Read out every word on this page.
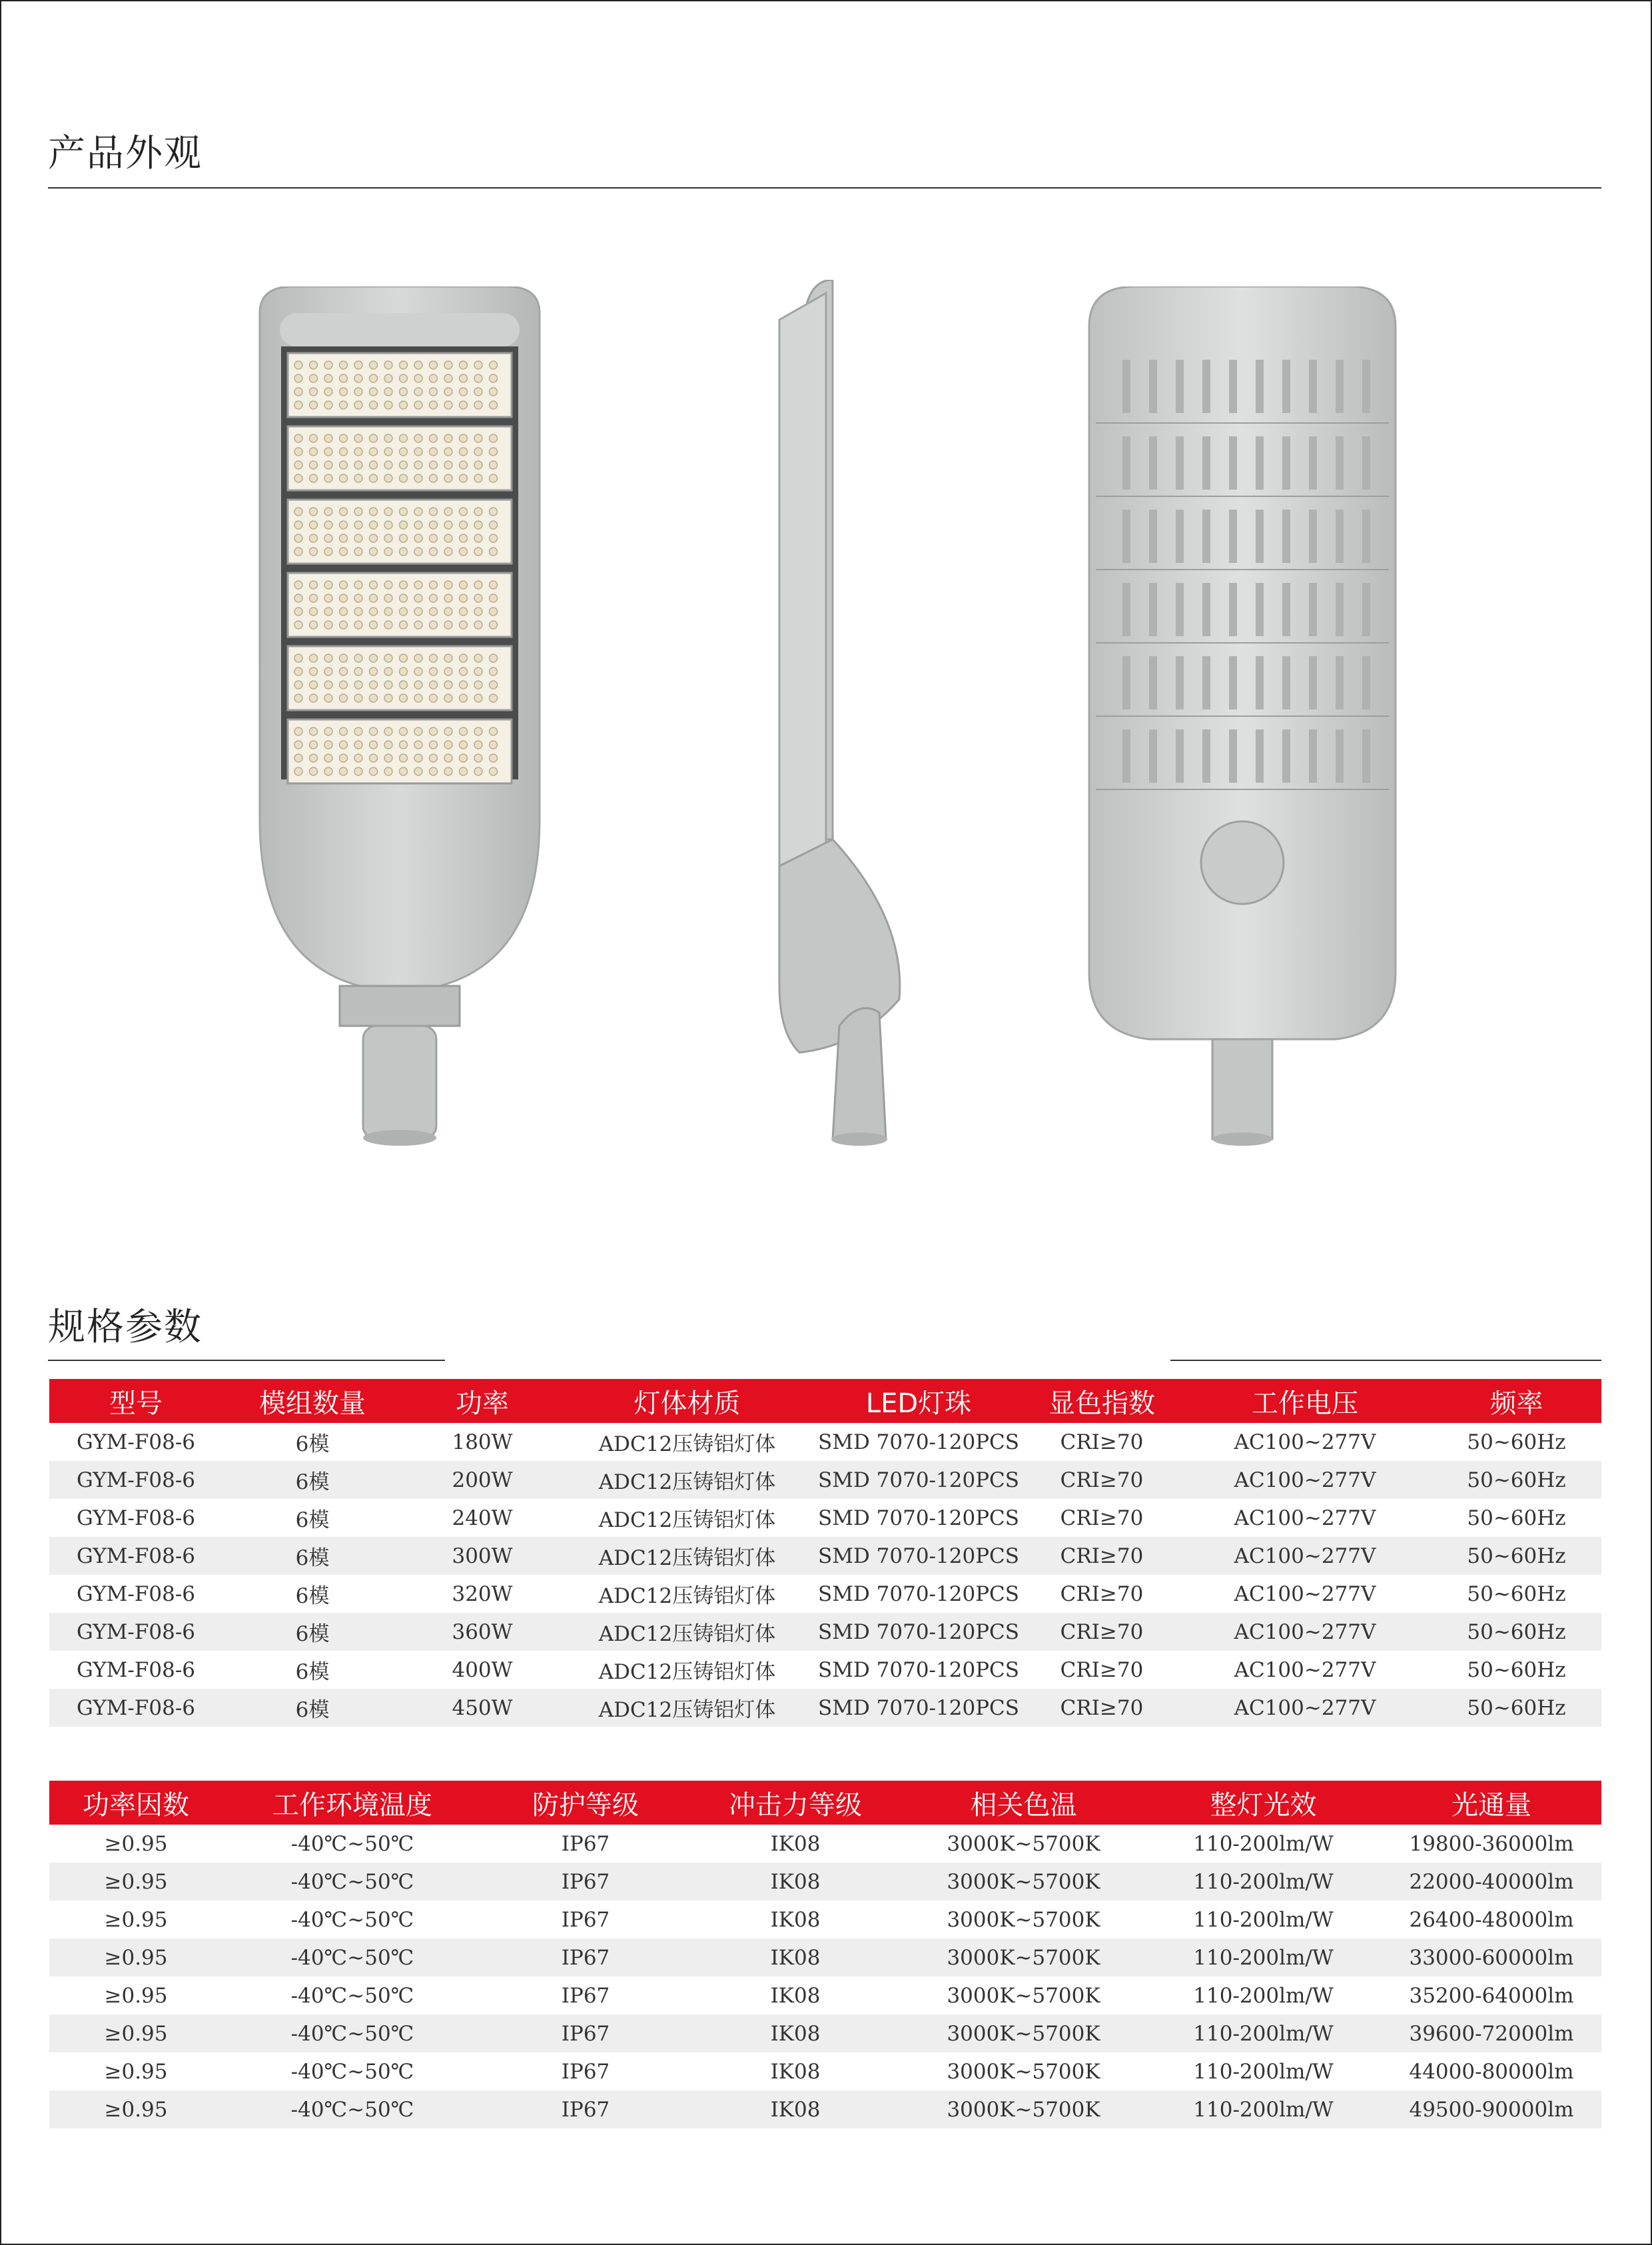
产品外观
规格参数
型号	模组数量	功率	灯体材质	LED灯珠	显色指数	工作电压	频率
GYM-F08-6	6模	180W	ADC12压铸铝灯体	SMD 7070-120PCS	CRI≥70	AC100~277V	50~60Hz
GYM-F08-6	6模	200W	ADC12压铸铝灯体	SMD 7070-120PCS	CRI≥70	AC100~277V	50~60Hz
GYM-F08-6	6模	240W	ADC12压铸铝灯体	SMD 7070-120PCS	CRI≥70	AC100~277V	50~60Hz
GYM-F08-6	6模	300W	ADC12压铸铝灯体	SMD 7070-120PCS	CRI≥70	AC100~277V	50~60Hz
GYM-F08-6	6模	320W	ADC12压铸铝灯体	SMD 7070-120PCS	CRI≥70	AC100~277V	50~60Hz
GYM-F08-6	6模	360W	ADC12压铸铝灯体	SMD 7070-120PCS	CRI≥70	AC100~277V	50~60Hz
GYM-F08-6	6模	400W	ADC12压铸铝灯体	SMD 7070-120PCS	CRI≥70	AC100~277V	50~60Hz
GYM-F08-6	6模	450W	ADC12压铸铝灯体	SMD 7070-120PCS	CRI≥70	AC100~277V	50~60Hz
功率因数	工作环境温度	防护等级	冲击力等级	相关色温	整灯光效	光通量
≥0.95	-40℃~50℃	IP67	IK08	3000K~5700K	110-200lm/W	19800-36000lm
≥0.95	-40℃~50℃	IP67	IK08	3000K~5700K	110-200lm/W	22000-40000lm
≥0.95	-40℃~50℃	IP67	IK08	3000K~5700K	110-200lm/W	26400-48000lm
≥0.95	-40℃~50℃	IP67	IK08	3000K~5700K	110-200lm/W	33000-60000lm
≥0.95	-40℃~50℃	IP67	IK08	3000K~5700K	110-200lm/W	35200-64000lm
≥0.95	-40℃~50℃	IP67	IK08	3000K~5700K	110-200lm/W	39600-72000lm
≥0.95	-40℃~50℃	IP67	IK08	3000K~5700K	110-200lm/W	44000-80000lm
≥0.95	-40℃~50℃	IP67	IK08	3000K~5700K	110-200lm/W	49500-90000lm
